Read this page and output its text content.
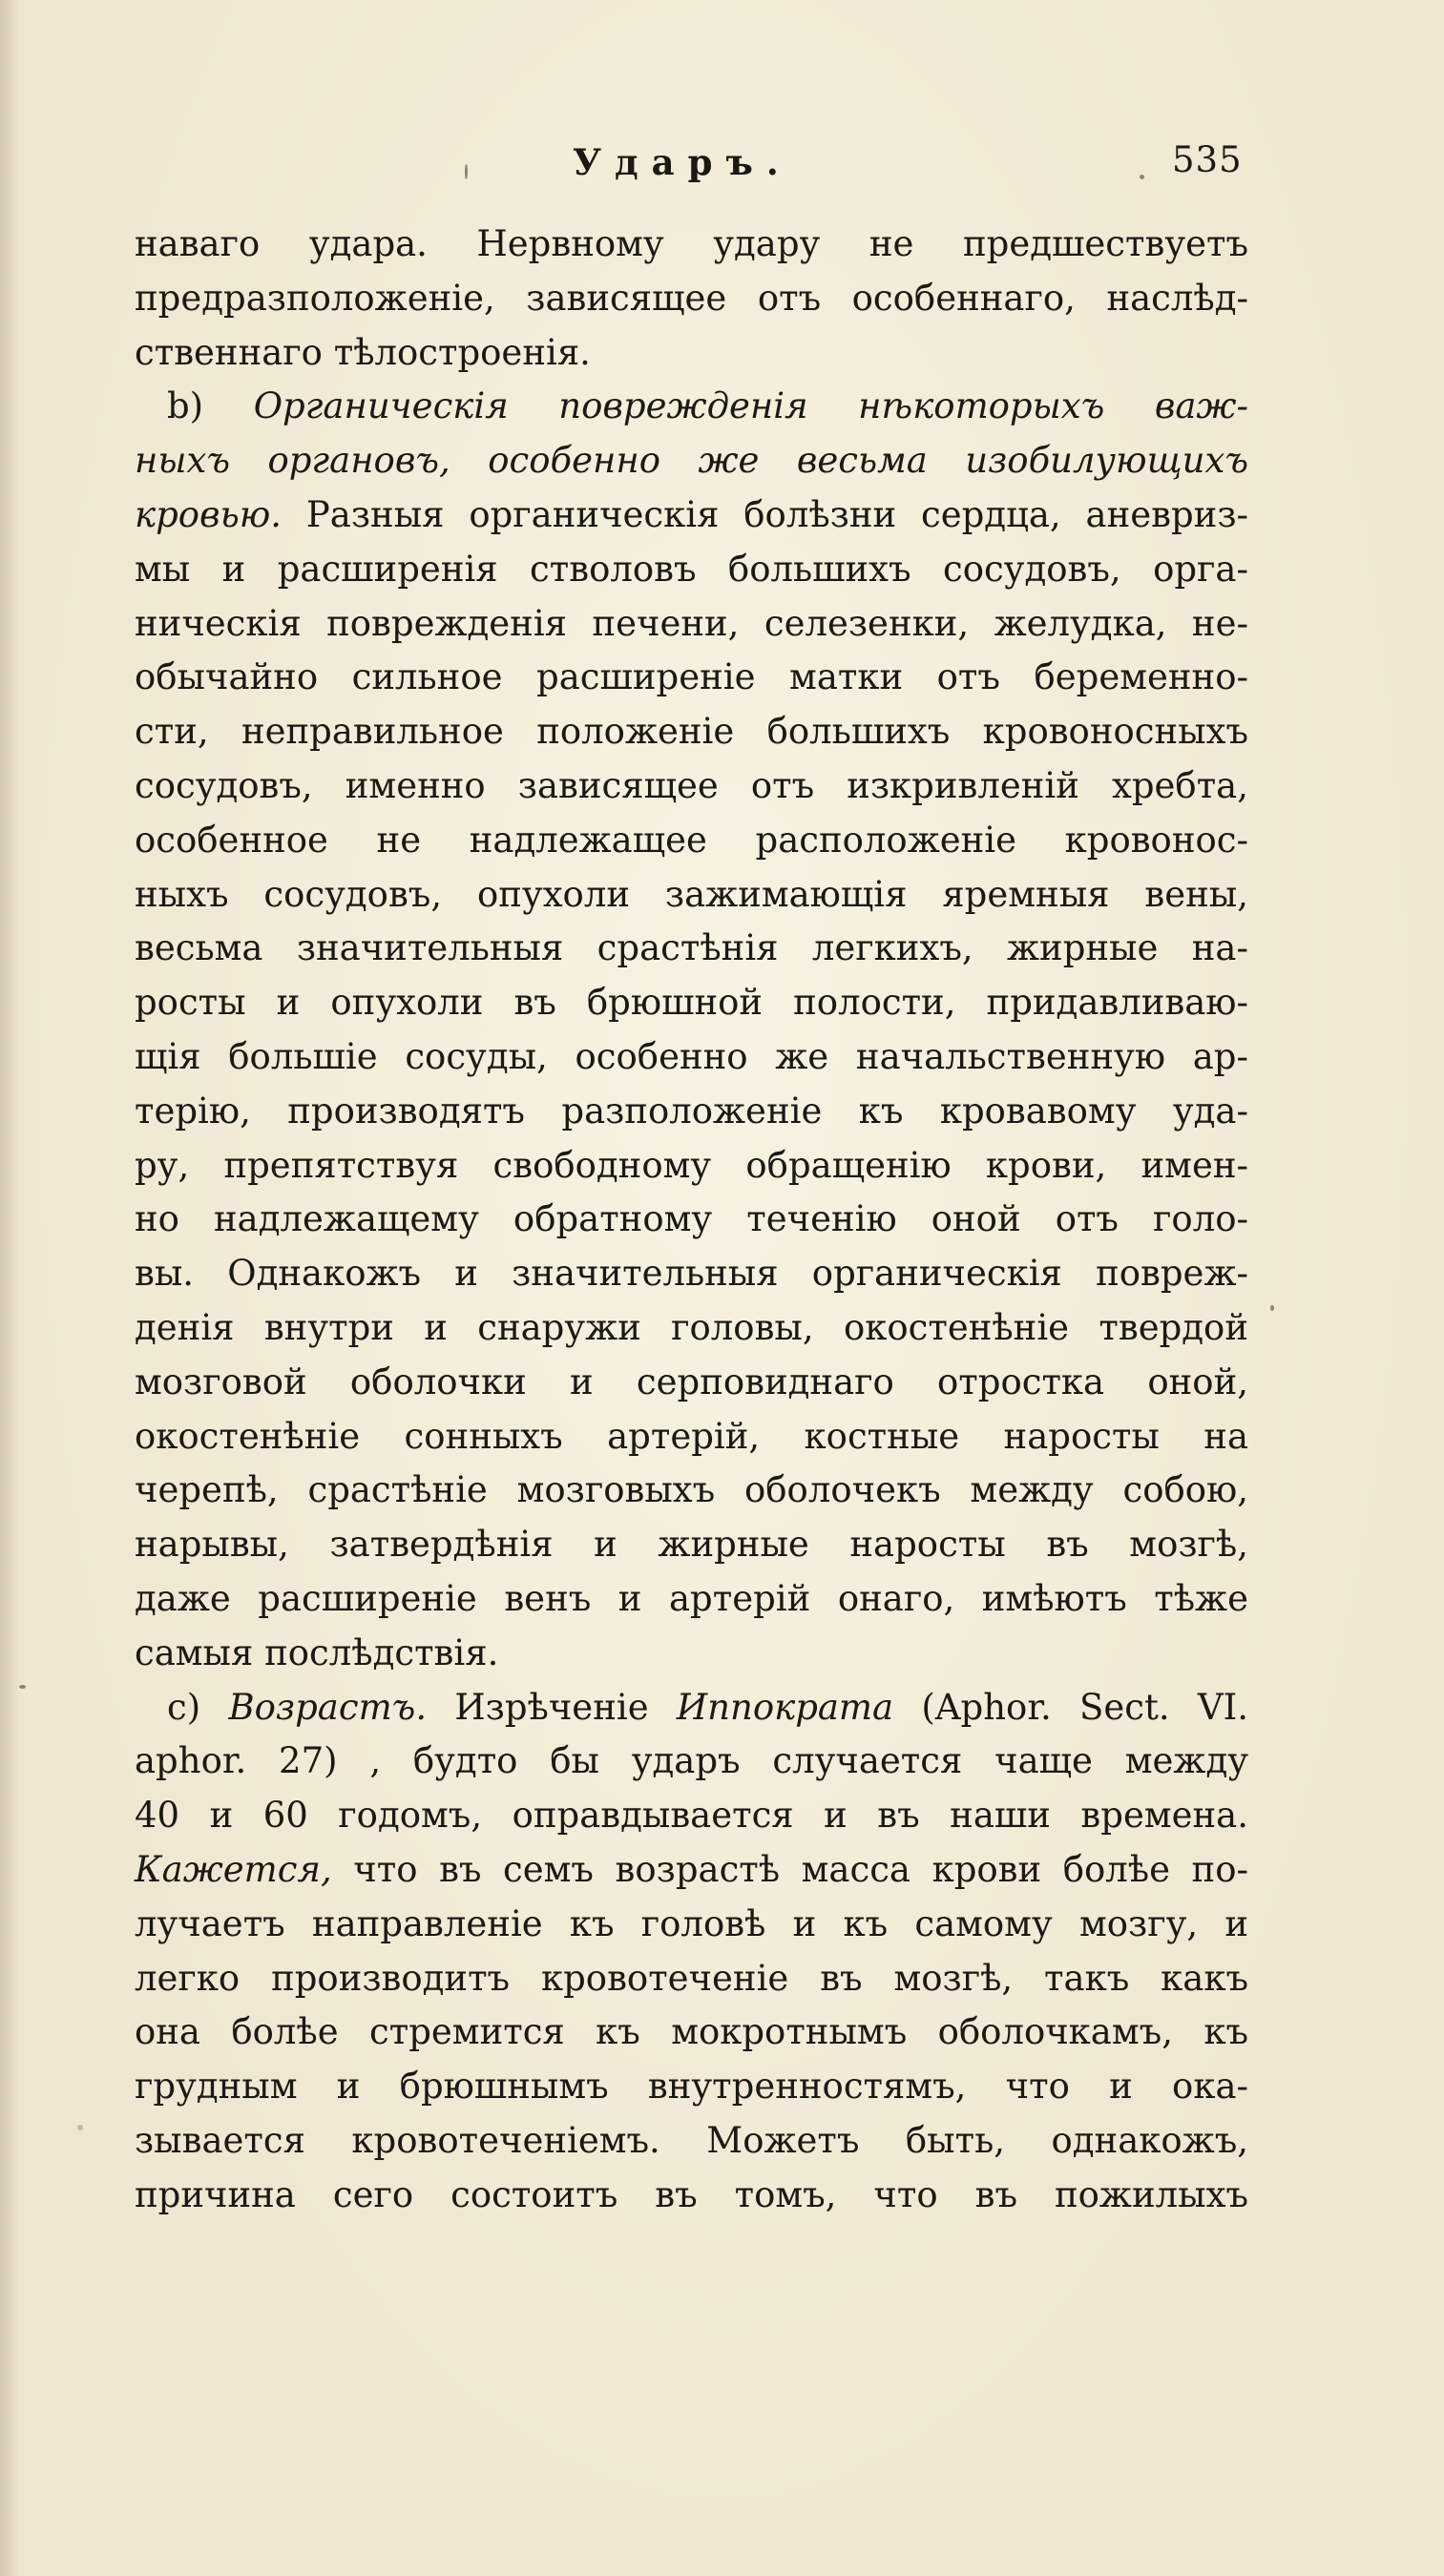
Ударъ.	535
наваго удара. Нервному удару не предшествуетъ
предразположеніе, зависящее отъ особеннаго, наслѣд-
ственнаго тѣлостроенія.
b) Органическія поврежденія нѣкоторыхъ важ-
ныхъ органовъ, особенно же весьма изобилующихъ
кровью. Разныя органическія болѣзни сердца, аневриз-
мы и расширенія стволовъ большихъ сосудовъ, орга-
ническія поврежденія печени, селезенки, желудка, не-
обычайно сильное расширеніе матки отъ беременно-
сти, неправильное положеніе большихъ кровоносныхъ
сосудовъ, именно зависящее отъ изкривленій хребта,
особенное не надлежащее расположеніе кровонос-
ныхъ сосудовъ, опухоли зажимающія яремныя вены,
весьма значительныя срастѣнія легкихъ, жирные на-
росты и опухоли въ брюшной полости, придавливаю-
щія большіе сосуды, особенно же начальственную ар-
терію, производятъ разположеніе къ кровавому уда-
ру, препятствуя свободному обращенію крови, имен-
но надлежащему обратному теченію оной отъ голо-
вы. Однакожъ и значительныя органическія повреж-
денія внутри и снаружи головы, окостенѣніе твердой
мозговой оболочки и серповиднаго отростка оной,
окостенѣніе сонныхъ артерій, костные наросты на
черепѣ, срастѣніе мозговыхъ оболочекъ между собою,
нарывы, затвердѣнія и жирные наросты въ мозгѣ,
даже расширеніе венъ и артерій онаго, имѣютъ тѣже
самыя послѣдствія.
c) Возрастъ. Изрѣченіе Иппократа (Aphor. Sect. VI.
aphor. 27) , будто бы ударъ случается чаще между
40 и 60 годомъ, оправдывается и въ наши времена.
Кажется, что въ семъ возрастѣ масса крови болѣе по-
лучаетъ направленіе къ головѣ и къ самому мозгу, и
легко производитъ кровотеченіе въ мозгѣ, такъ какъ
она болѣе стремится къ мокротнымъ оболочкамъ, къ
грудным и брюшнымъ внутренностямъ, что и ока-
зывается кровотеченіемъ. Можетъ быть, однакожъ,
причина сего состоитъ въ томъ, что въ пожилыхъ
